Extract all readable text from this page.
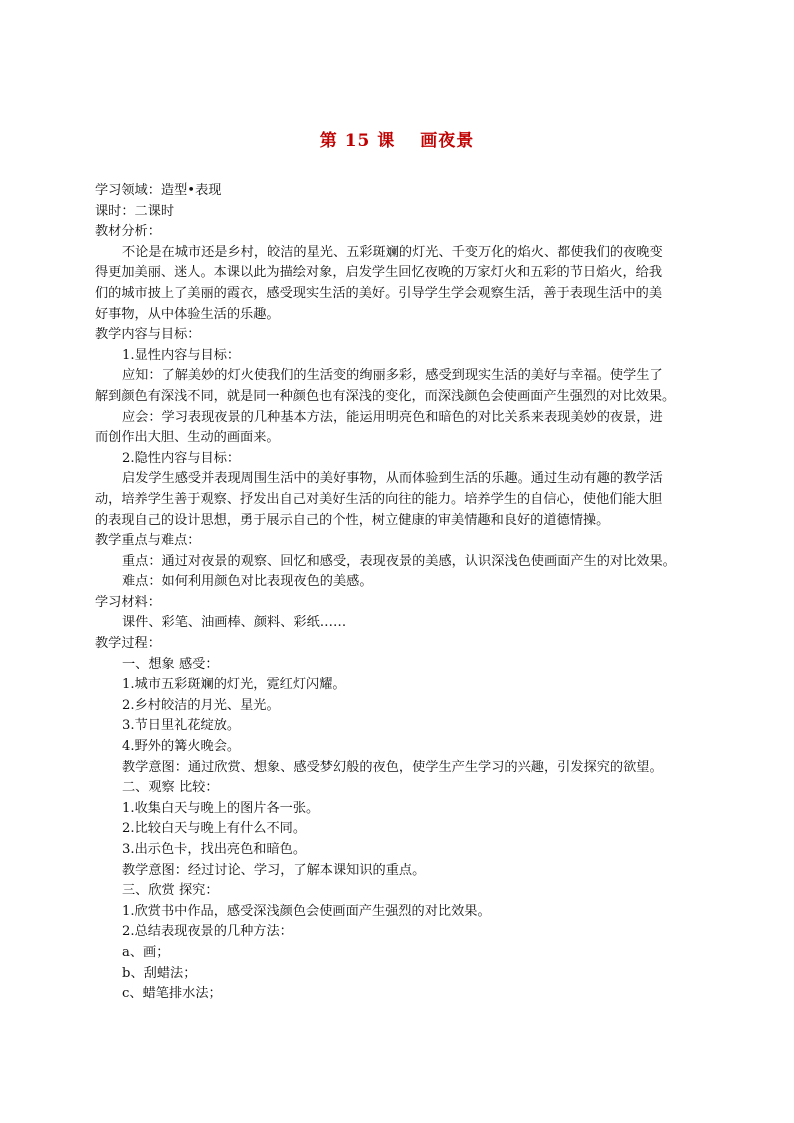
第 15 课　 画夜景
学习领域：造型•表现
课时：二课时
教材分析：
不论是在城市还是乡村，皎洁的星光、五彩斑斓的灯光、千变万化的焰火、都使我们的夜晚变
得更加美丽、迷人。本课以此为描绘对象，启发学生回忆夜晚的万家灯火和五彩的节日焰火，给我
们的城市披上了美丽的霞衣，感受现实生活的美好。引导学生学会观察生活，善于表现生活中的美
好事物，从中体验生活的乐趣。
教学内容与目标：
1.显性内容与目标：
应知：了解美妙的灯火使我们的生活变的绚丽多彩，感受到现实生活的美好与幸福。使学生了
解到颜色有深浅不同，就是同一种颜色也有深浅的变化，而深浅颜色会使画面产生强烈的对比效果。
应会：学习表现夜景的几种基本方法，能运用明亮色和暗色的对比关系来表现美妙的夜景，进
而创作出大胆、生动的画面来。
2.隐性内容与目标：
启发学生感受并表现周围生活中的美好事物，从而体验到生活的乐趣。通过生动有趣的教学活
动，培养学生善于观察、抒发出自己对美好生活的向往的能力。培养学生的自信心，使他们能大胆
的表现自己的设计思想，勇于展示自己的个性，树立健康的审美情趣和良好的道德情操。
教学重点与难点：
重点：通过对夜景的观察、回忆和感受，表现夜景的美感，认识深浅色使画面产生的对比效果。
难点：如何利用颜色对比表现夜色的美感。
学习材料：
课件、彩笔、油画棒、颜料、彩纸……
教学过程：
一、想象 感受：
1.城市五彩斑斓的灯光，霓红灯闪耀。
2.乡村皎洁的月光、星光。
3.节日里礼花绽放。
4.野外的篝火晚会。
教学意图：通过欣赏、想象、感受梦幻般的夜色，使学生产生学习的兴趣，引发探究的欲望。
二、观察 比较：
1.收集白天与晚上的图片各一张。
2.比较白天与晚上有什么不同。
3.出示色卡，找出亮色和暗色。
教学意图：经过讨论、学习，了解本课知识的重点。
三、欣赏 探究：
1.欣赏书中作品，感受深浅颜色会使画面产生强烈的对比效果。
2.总结表现夜景的几种方法：
a、画；
b、刮蜡法；
c、蜡笔排水法；
